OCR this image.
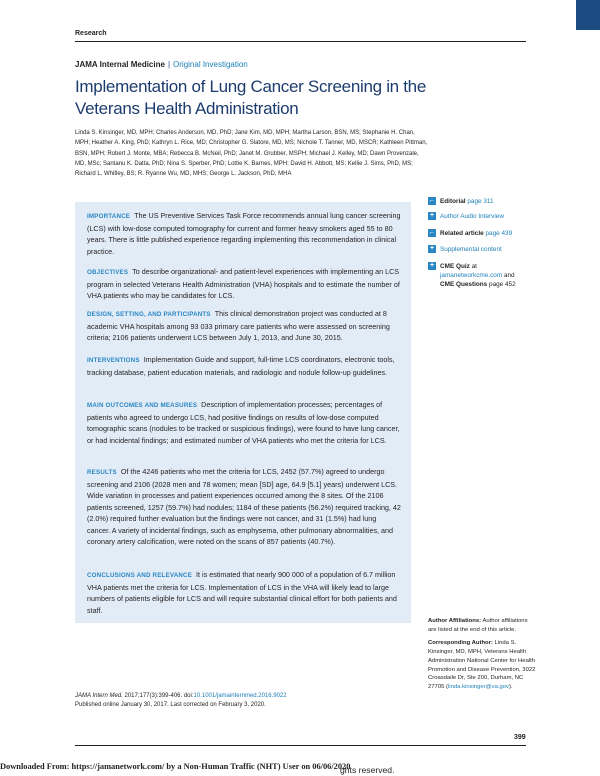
Research
JAMA Internal Medicine | Original Investigation
Implementation of Lung Cancer Screening in the Veterans Health Administration
Linda S. Kinsinger, MD, MPH; Charles Anderson, MD, PhD; Jane Kim, MD, MPH; Martha Larson, BSN, MS; Stephanie H. Chan, MPH; Heather A. King, PhD; Kathryn L. Rice, MD; Christopher G. Slatore, MD, MS; Nichole T. Tanner, MD, MSCR; Kathleen Pittman, BSN, MPH; Robert J. Monte, MBA; Rebecca B. McNeil, PhD; Janet M. Grubber, MSPH; Michael J. Kelley, MD; Dawn Provenzale, MD, MSc; Santanu K. Datta, PhD; Nina S. Sperber, PhD; Lottie K. Barnes, MPH; David H. Abbott, MS; Kellie J. Sims, PhD, MS; Richard L. Whitley, BS; R. Ryanne Wu, MD, MHS; George L. Jackson, PhD, MHA
IMPORTANCE The US Preventive Services Task Force recommends annual lung cancer screening (LCS) with low-dose computed tomography for current and former heavy smokers aged 55 to 80 years. There is little published experience regarding implementing this recommendation in clinical practice.
OBJECTIVES To describe organizational- and patient-level experiences with implementing an LCS program in selected Veterans Health Administration (VHA) hospitals and to estimate the number of VHA patients who may be candidates for LCS.
DESIGN, SETTING, AND PARTICIPANTS This clinical demonstration project was conducted at 8 academic VHA hospitals among 93 033 primary care patients who were assessed on screening criteria; 2106 patients underwent LCS between July 1, 2013, and June 30, 2015.
INTERVENTIONS Implementation Guide and support, full-time LCS coordinators, electronic tools, tracking database, patient education materials, and radiologic and nodule follow-up guidelines.
MAIN OUTCOMES AND MEASURES Description of implementation processes; percentages of patients who agreed to undergo LCS, had positive findings on results of low-dose computed tomographic scans (nodules to be tracked or suspicious findings), were found to have lung cancer, or had incidental findings; and estimated number of VHA patients who met the criteria for LCS.
RESULTS Of the 4246 patients who met the criteria for LCS, 2452 (57.7%) agreed to undergo screening and 2106 (2028 men and 78 women; mean [SD] age, 64.9 [5.1] years) underwent LCS. Wide variation in processes and patient experiences occurred among the 8 sites. Of the 2106 patients screened, 1257 (59.7%) had nodules; 1184 of these patients (56.2%) required tracking, 42 (2.0%) required further evaluation but the findings were not cancer, and 31 (1.5%) had lung cancer. A variety of incidental findings, such as emphysema, other pulmonary abnormalities, and coronary artery calcification, were noted on the scans of 857 patients (40.7%).
CONCLUSIONS AND RELEVANCE It is estimated that nearly 900 000 of a population of 6.7 million VHA patients met the criteria for LCS. Implementation of LCS in the VHA will likely lead to large numbers of patients eligible for LCS and will require substantial clinical effort for both patients and staff.
← Editorial page 311
+ Author Audio Interview
← Related article page 439
+ Supplemental content
+ CME Quiz at
jamanetworkcme.com and
CME Questions page 452
Author Affiliations: Author affiliations are listed at the end of this article.
Corresponding Author: Linda S. Kinsinger, MD, MPH, Veterans Health Administration National Center for Health Promotion and Disease Prevention, 3022 Croasdaile Dr, Ste 200, Durham, NC 27705 (linda.kinsinger@va.gov).
JAMA Intern Med. 2017;177(3):399-406. doi:10.1001/jamainternmed.2016.9022
Published online January 30, 2017. Last corrected on February 3, 2020.
399
ghts reserved.
Downloaded From: https://jamanetwork.com/ by a Non-Human Traffic (NHT) User on 06/06/2020
